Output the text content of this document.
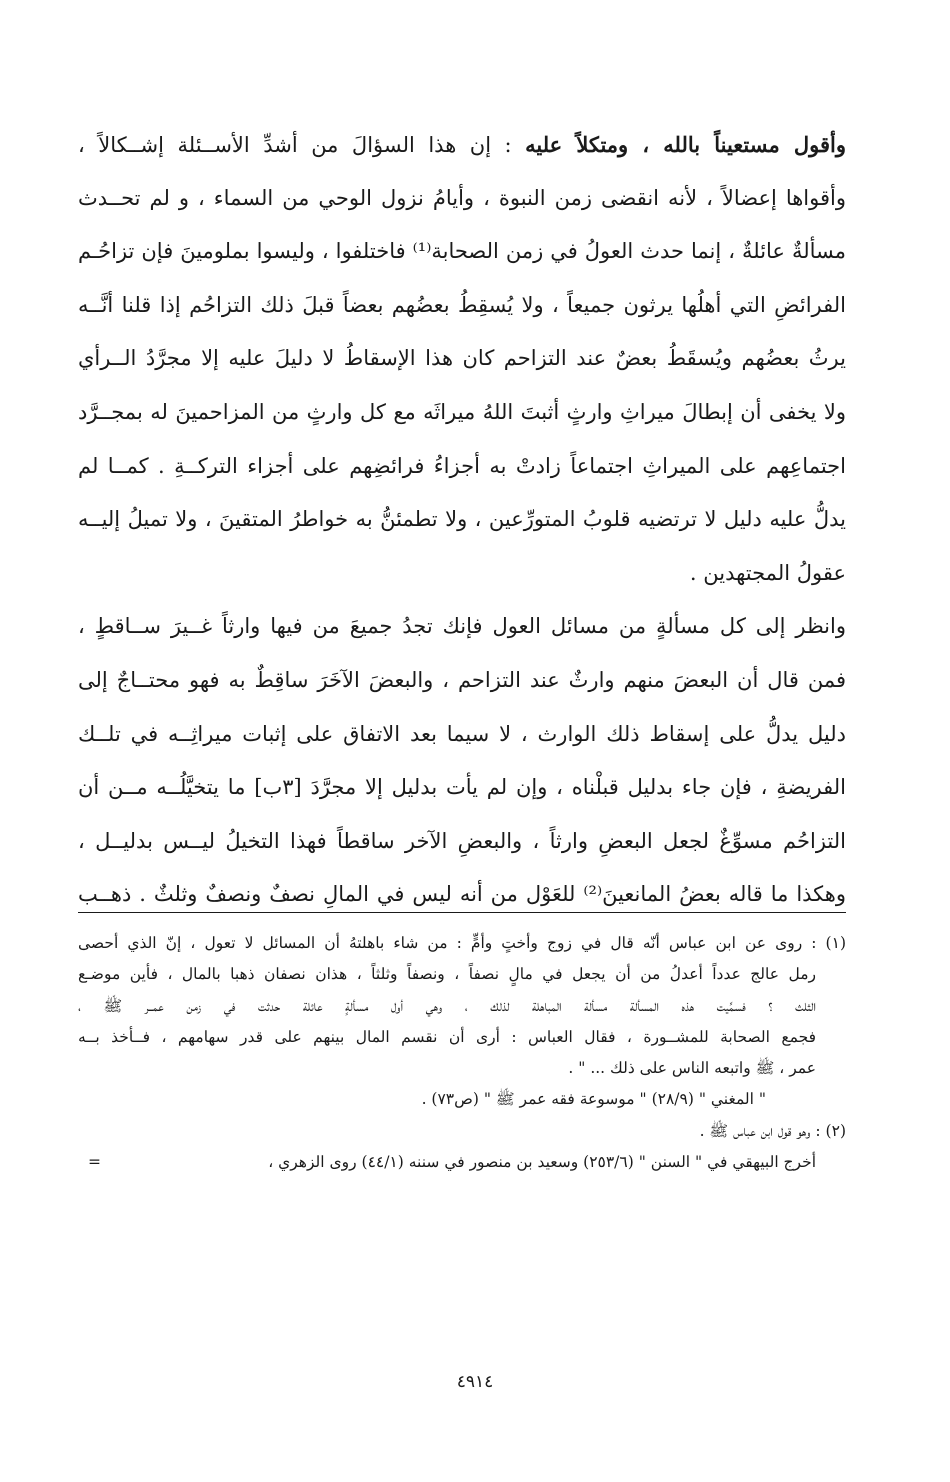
وأقول مستعيناً بالله ، ومتكلاً عليه : إن هذا السؤالَ من أشدِّ الأســئلة إشــكالاً ،
وأقواها إعضالاً ، لأنه انقضى زمن النبوة ، وأيامُ نزول الوحي من السماء ، و لم تحــدث
مسألةٌ عائلةٌ ، إنما حدث العولُ في زمن الصحابة⁽¹⁾ فاختلفوا ، وليسوا بملومينَ فإن تزاحُـم
الفرائضِ التي أهلُها يرثون جميعاً ، ولا يُسقِطُ بعضُهم بعضاً قبلَ ذلك التزاحُم إذا قلنا أنَّــه
يرثُ بعضُهم ويُسقَطُ بعضٌ عند التزاحم كان هذا الإسقاطُ لا دليلَ عليه إلا مجرَّدُ الــرأي
ولا يخفى أن إبطالَ ميراثِ وارثٍ أثبتَ اللهُ ميراثَه مع كل وارثٍ من المزاحمينَ له بمجــرَّد
اجتماعِهم على الميراثِ اجتماعاً زادتْ به أجزاءُ فرائضِهم على أجزاء التركــةِ . كمــا لم
يدلُّ عليه دليل لا ترتضيه قلوبُ المتورِّعين ، ولا تطمئنُّ به خواطرُ المتقينَ ، ولا تميلُ إليــه
عقولُ المجتهدين .
وانظر إلى كل مسألةٍ من مسائل العول فإنك تجدُ جميعَ من فيها وارثاً غــيرَ ســاقطٍ ،
فمن قال أن البعضَ منهم وارثٌ عند التزاحم ، والبعضَ الآخَرَ ساقِطٌ به فهو محتــاجٌ إلى
دليل يدلُّ على إسقاط ذلك الوارث ، لا سيما بعد الاتفاق على إثبات ميراثِــه في تلــك
الفريضةِ ، فإن جاء بدليل قبلْناه ، وإن لم يأت بدليل إلا مجرَّدَ [٣ب] ما يتخيَّلُــه مــن أن
التزاحُم مسوِّغٌ لجعل البعضِ وارثاً ، والبعضِ الآخر ساقطاً فهذا التخيلُ ليــس بدليــل ،
وهكذا ما قاله بعضُ المانعينَ⁽²⁾ للعَوْل من أنه ليس في المالِ نصفٌ ونصفٌ وثلثٌ . ذهــب
(١) : روى عن ابن عباس أنّه قال في زوج وأختٍ وأمٍّ : من شاء باهلتهُ أن المسائل لا تعول ، إنّ الذي أحصى
رمل عالج عدداً أعدلُ من أن يجعل في مالٍ نصفاً ، ونصفاً وثلثاً ، هذان نصفان ذهبا بالمال ، فأين موضـع
الثلث ؟ فسمِّيت هذه المسألة مسألة المباهلة لذلك ، وهي أول مسألةٍ عائلة حدثت في زمن عمــر ﷺ ،
فجمع الصحابة للمشــورة ، فقال العباس : أرى أن نقسم المال بينهم على قدر سهامهم ، فــأخذ بــه
عمر ، ﷺ واتبعه الناس على ذلك ... " .
" المغني " (٢٨/٩) " موسوعة فقه عمر ﷺ " (ص٧٣) .
(٢) : وهو قول ابن عباس ﷺ .
أخرج البيهقي في " السنن " (٢٥٣/٦) وسعيد بن منصور في سننه (٤٤/١) روى الزهري ،
=
٤٩١٤
